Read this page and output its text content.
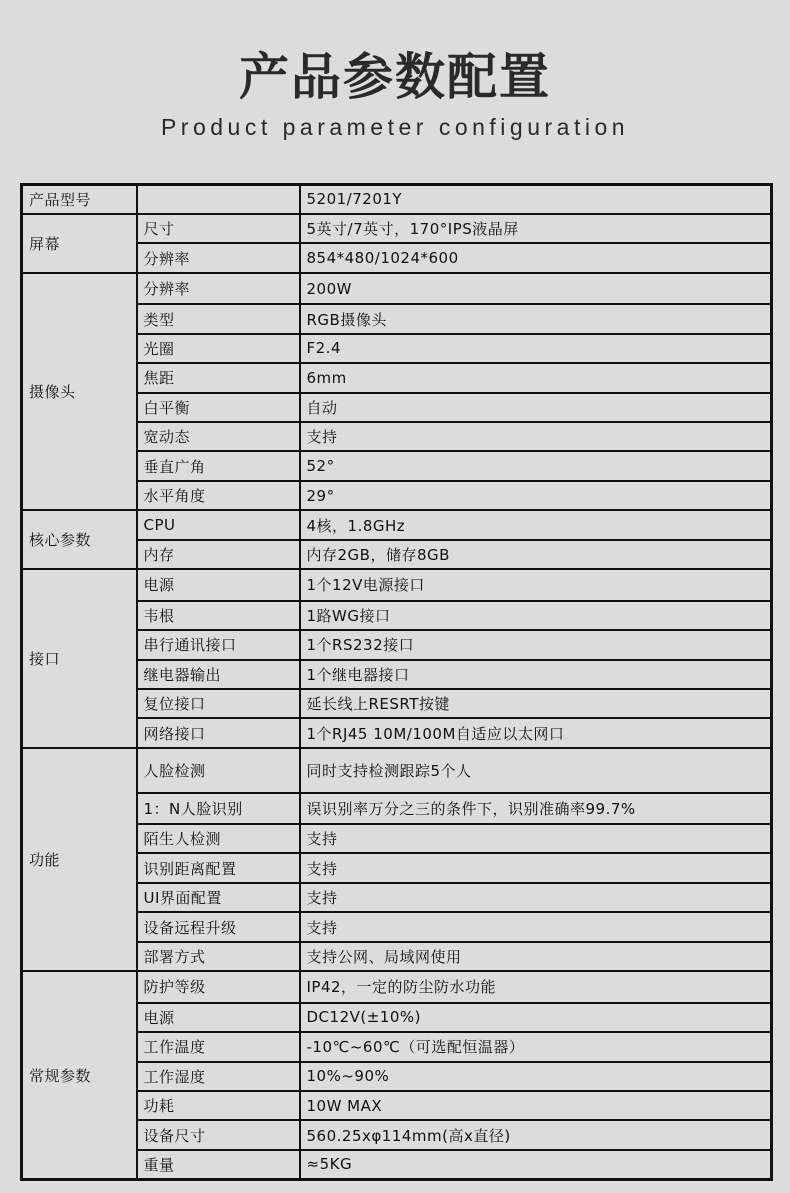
产品参数配置
Product parameter configuration
产品型号		5201/7201Y
屏幕	尺寸	5英寸/7英寸，170°IPS液晶屏
	分辨率	854*480/1024*600
摄像头	分辨率	200W
	类型	RGB摄像头
	光圈	F2.4
	焦距	6mm
	白平衡	自动
	宽动态	支持
	垂直广角	52°
	水平角度	29°
核心参数	CPU	4核，1.8GHz
	内存	内存2GB，储存8GB
接口	电源	1个12V电源接口
	韦根	1路WG接口
	串行通讯接口	1个RS232接口
	继电器输出	1个继电器接口
	复位接口	延长线上RESRT按键
	网络接口	1个RJ45 10M/100M自适应以太网口
功能	人脸检测	同时支持检测跟踪5个人
	1：N人脸识别	误识别率万分之三的条件下，识别准确率99.7%
	陌生人检测	支持
	识别距离配置	支持
	UI界面配置	支持
	设备远程升级	支持
	部署方式	支持公网、局域网使用
常规参数	防护等级	IP42，一定的防尘防水功能
	电源	DC12V(±10%)
	工作温度	-10℃~60℃（可选配恒温器）
	工作湿度	10%~90%
	功耗	10W MAX
	设备尺寸	560.25xφ114mm(高x直径)
	重量	≈5KG
